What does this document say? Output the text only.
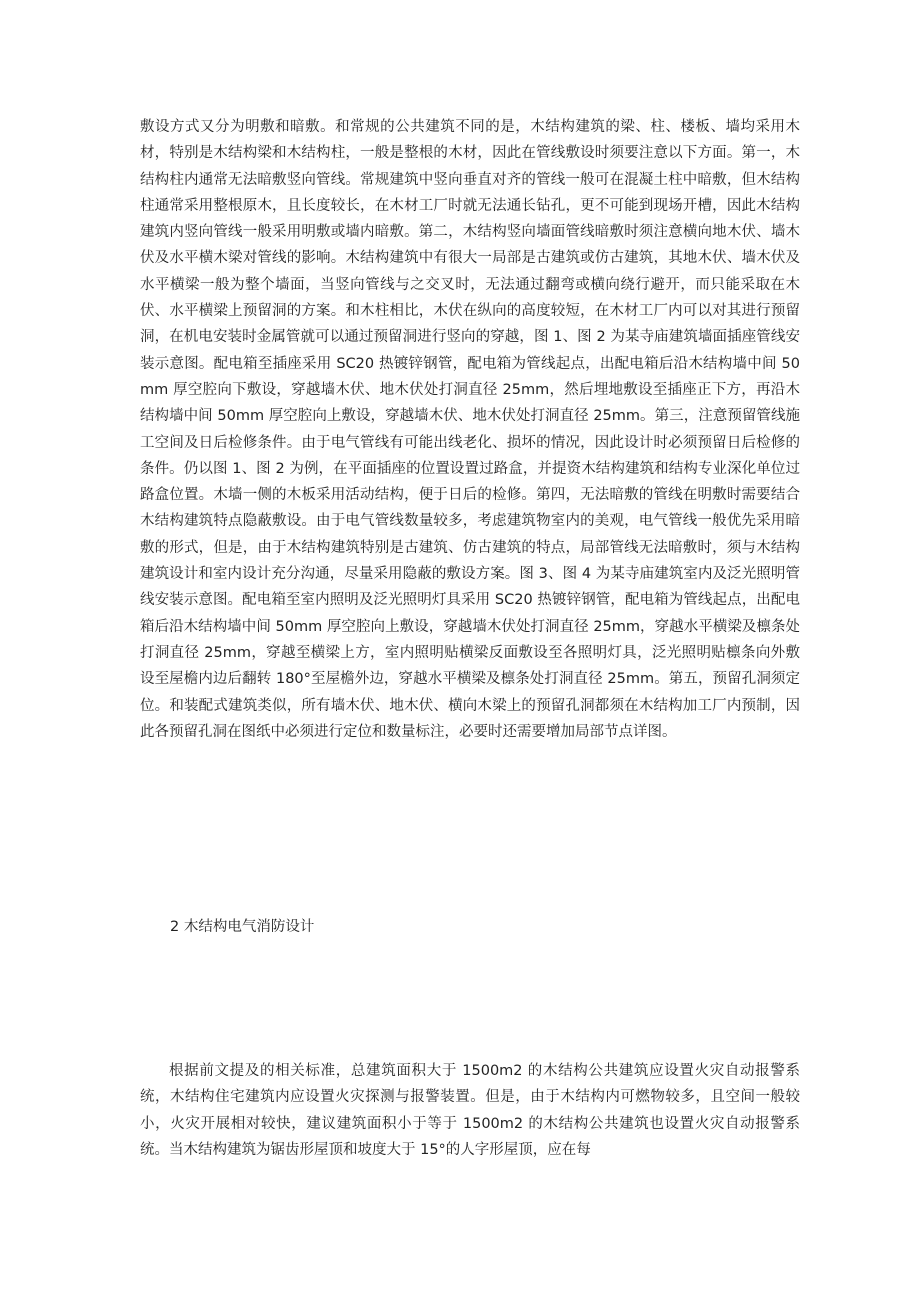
敷设方式又分为明敷和暗敷。和常规的公共建筑不同的是，木结构建筑的梁、柱、楼板、墙均采用木材，特别是木结构梁和木结构柱，一般是整根的木材，因此在管线敷设时须要注意以下方面。第一，木结构柱内通常无法暗敷竖向管线。常规建筑中竖向垂直对齐的管线一般可在混凝土柱中暗敷，但木结构柱通常采用整根原木，且长度较长，在木材工厂时就无法通长钻孔，更不可能到现场开槽，因此木结构建筑内竖向管线一般采用明敷或墙内暗敷。第二，木结构竖向墙面管线暗敷时须注意横向地木伏、墙木伏及水平横木梁对管线的影响。木结构建筑中有很大一局部是古建筑或仿古建筑，其地木伏、墙木伏及水平横梁一般为整个墙面，当竖向管线与之交叉时，无法通过翻弯或横向绕行避开，而只能采取在木伏、水平横梁上预留洞的方案。和木柱相比，木伏在纵向的高度较短，在木材工厂内可以对其进行预留洞，在机电安装时金属管就可以通过预留洞进行竖向的穿越，图 1、图 2 为某寺庙建筑墙面插座管线安装示意图。配电箱至插座采用 SC20 热镀锌钢管，配电箱为管线起点，出配电箱后沿木结构墙中间 50mm 厚空腔向下敷设，穿越墙木伏、地木伏处打洞直径 25mm，然后埋地敷设至插座正下方，再沿木结构墙中间 50mm 厚空腔向上敷设，穿越墙木伏、地木伏处打洞直径 25mm。第三，注意预留管线施工空间及日后检修条件。由于电气管线有可能出线老化、损坏的情况，因此设计时必须预留日后检修的条件。仍以图 1、图 2 为例，在平面插座的位置设置过路盒，并提资木结构建筑和结构专业深化单位过路盒位置。木墙一侧的木板采用活动结构，便于日后的检修。第四，无法暗敷的管线在明敷时需要结合木结构建筑特点隐蔽敷设。由于电气管线数量较多，考虑建筑物室内的美观，电气管线一般优先采用暗敷的形式，但是，由于木结构建筑特别是古建筑、仿古建筑的特点，局部管线无法暗敷时，须与木结构建筑设计和室内设计充分沟通，尽量采用隐蔽的敷设方案。图 3、图 4 为某寺庙建筑室内及泛光照明管线安装示意图。配电箱至室内照明及泛光照明灯具采用 SC20 热镀锌钢管，配电箱为管线起点，出配电箱后沿木结构墙中间 50mm 厚空腔向上敷设，穿越墙木伏处打洞直径 25mm，穿越水平横梁及檩条处打洞直径 25mm，穿越至横梁上方，室内照明贴横梁反面敷设至各照明灯具，泛光照明贴檩条向外敷设至屋檐内边后翻转 180°至屋檐外边，穿越水平横梁及檩条处打洞直径 25mm。第五，预留孔洞须定位。和装配式建筑类似，所有墙木伏、地木伏、横向木梁上的预留孔洞都须在木结构加工厂内预制，因此各预留孔洞在图纸中必须进行定位和数量标注，必要时还需要增加局部节点详图。

2 木结构电气消防设计

根据前文提及的相关标准，总建筑面积大于 1500m2 的木结构公共建筑应设置火灾自动报警系统，木结构住宅建筑内应设置火灾探测与报警装置。但是，由于木结构内可燃物较多，且空间一般较小，火灾开展相对较快，建议建筑面积小于等于 1500m2 的木结构公共建筑也设置火灾自动报警系统。当木结构建筑为锯齿形屋顶和坡度大于 15°的人字形屋顶，应在每
